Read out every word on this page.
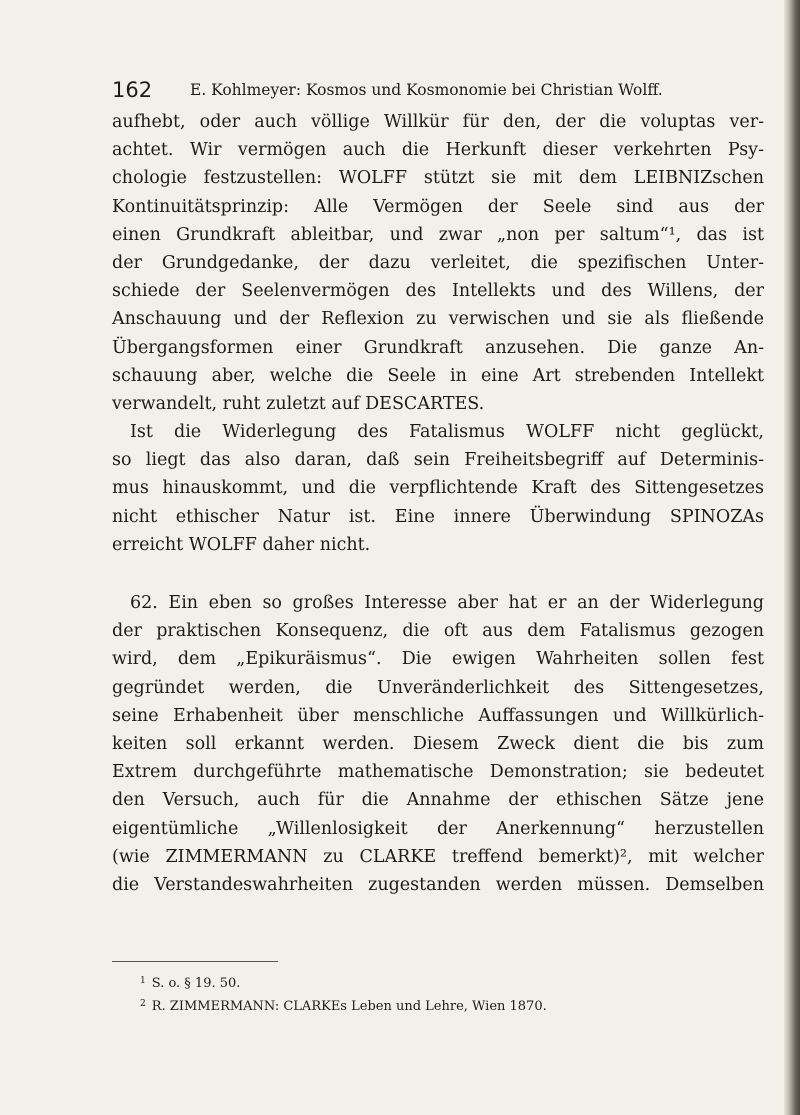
162 E. Kohlmeyer: Kosmos und Kosmonomie bei Christian Wolff.
aufhebt, oder auch völlige Willkür für den, der die voluptas ver-
achtet. Wir vermögen auch die Herkunft dieser verkehrten Psy-
chologie festzustellen: WOLFF stützt sie mit dem LEIBNIZschen
Kontinuitätsprinzip: Alle Vermögen der Seele sind aus der
einen Grundkraft ableitbar, und zwar „non per saltum“¹, das ist
der Grundgedanke, der dazu verleitet, die spezifischen Unter-
schiede der Seelenvermögen des Intellekts und des Willens, der
Anschauung und der Reflexion zu verwischen und sie als fließende
Übergangsformen einer Grundkraft anzusehen. Die ganze An-
schauung aber, welche die Seele in eine Art strebenden Intellekt
verwandelt, ruht zuletzt auf DESCARTES.
Ist die Widerlegung des Fatalismus WOLFF nicht geglückt,
so liegt das also daran, daß sein Freiheitsbegriff auf Determinis-
mus hinauskommt, und die verpflichtende Kraft des Sittengesetzes
nicht ethischer Natur ist. Eine innere Überwindung SPINOZAs
erreicht WOLFF daher nicht.
62. Ein eben so großes Interesse aber hat er an der Widerlegung
der praktischen Konsequenz, die oft aus dem Fatalismus gezogen
wird, dem „Epikuräismus“. Die ewigen Wahrheiten sollen fest
gegründet werden, die Unveränderlichkeit des Sittengesetzes,
seine Erhabenheit über menschliche Auffassungen und Willkürlich-
keiten soll erkannt werden. Diesem Zweck dient die bis zum
Extrem durchgeführte mathematische Demonstration; sie bedeutet
den Versuch, auch für die Annahme der ethischen Sätze jene
eigentümliche „Willenlosigkeit der Anerkennung“ herzustellen
(wie ZIMMERMANN zu CLARKE treffend bemerkt)², mit welcher
die Verstandeswahrheiten zugestanden werden müssen. Demselben
$^1$ S. o. § 19. 50.
$^2$ R. ZIMMERMANN: CLARKEs Leben und Lehre, Wien 1870.
